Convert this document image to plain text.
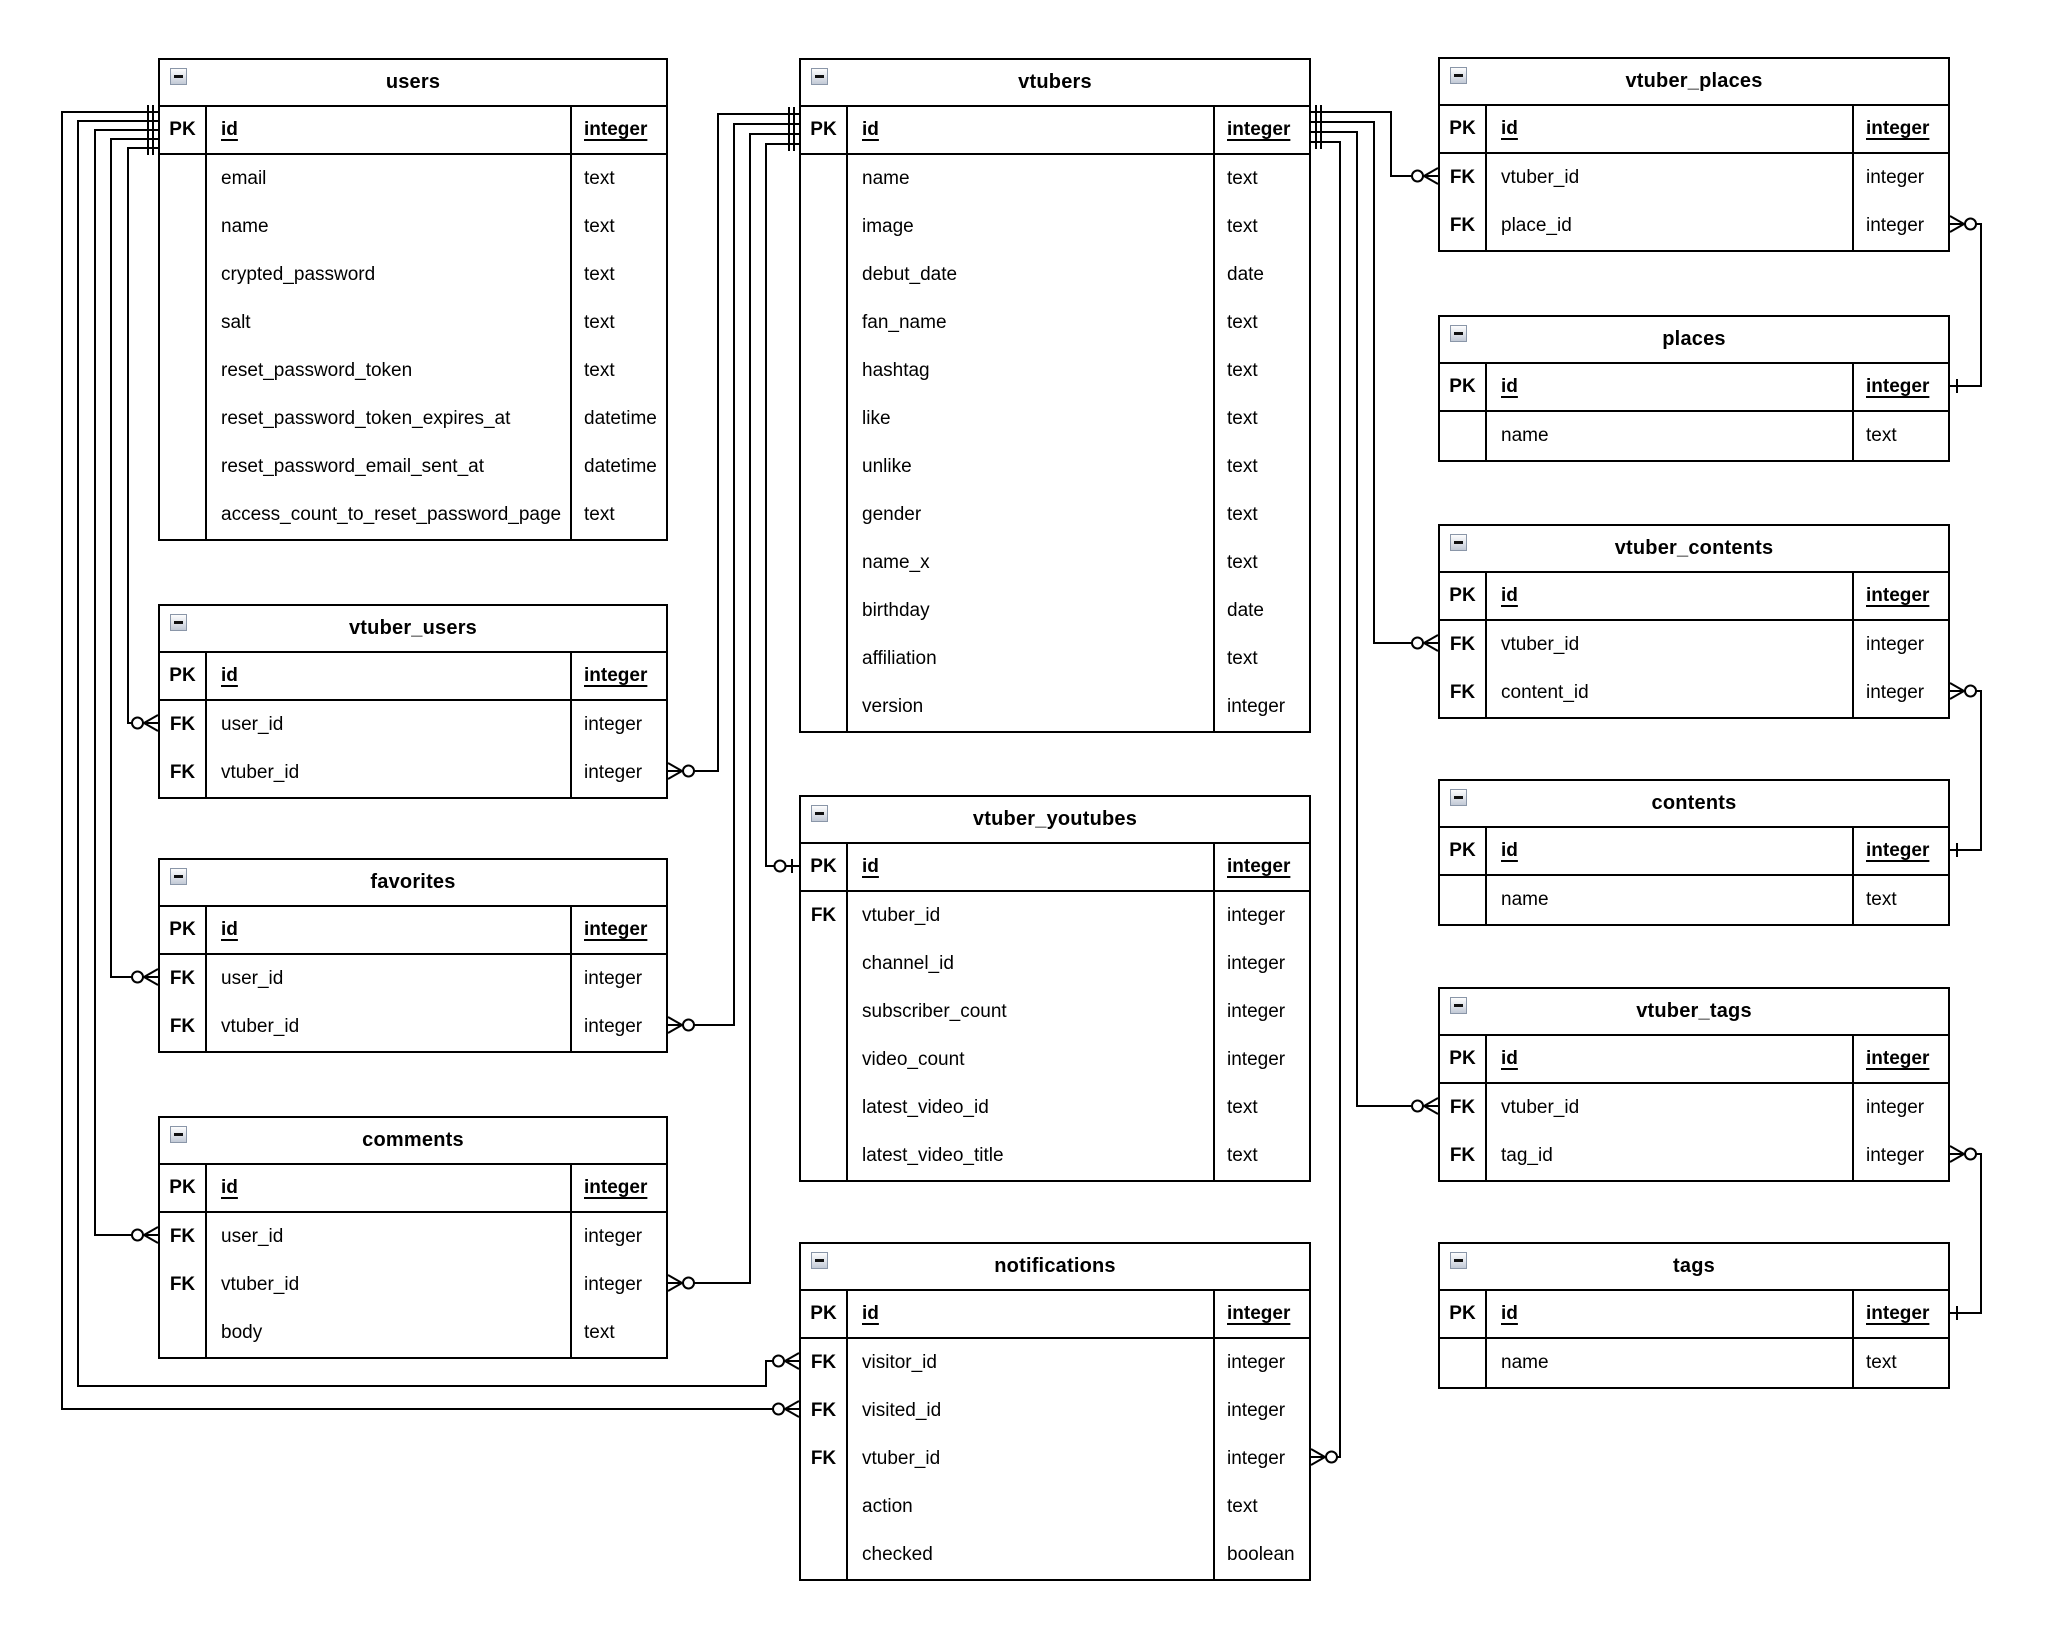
users
PK	id	integer
email	text
name	text
crypted_password	text
salt	text
reset_password_token	text
reset_password_token_expires_at	datetime
reset_password_email_sent_at	datetime
access_count_to_reset_password_page	text
vtuber_users
PK	id	integer
FK	user_id	integer
FK	vtuber_id	integer
favorites
PK	id	integer
FK	user_id	integer
FK	vtuber_id	integer
comments
PK	id	integer
FK	user_id	integer
FK	vtuber_id	integer
body	text
vtubers
PK	id	integer
name	text
image	text
debut_date	date
fan_name	text
hashtag	text
like	text
unlike	text
gender	text
name_x	text
birthday	date
affiliation	text
version	integer
vtuber_youtubes
PK	id	integer
FK	vtuber_id	integer
channel_id	integer
subscriber_count	integer
video_count	integer
latest_video_id	text
latest_video_title	text
notifications
PK	id	integer
FK	visitor_id	integer
FK	visited_id	integer
FK	vtuber_id	integer
action	text
checked	boolean
vtuber_places
PK	id	integer
FK	vtuber_id	integer
FK	place_id	integer
places
PK	id	integer
name	text
vtuber_contents
PK	id	integer
FK	vtuber_id	integer
FK	content_id	integer
contents
PK	id	integer
name	text
vtuber_tags
PK	id	integer
FK	vtuber_id	integer
FK	tag_id	integer
tags
PK	id	integer
name	text
